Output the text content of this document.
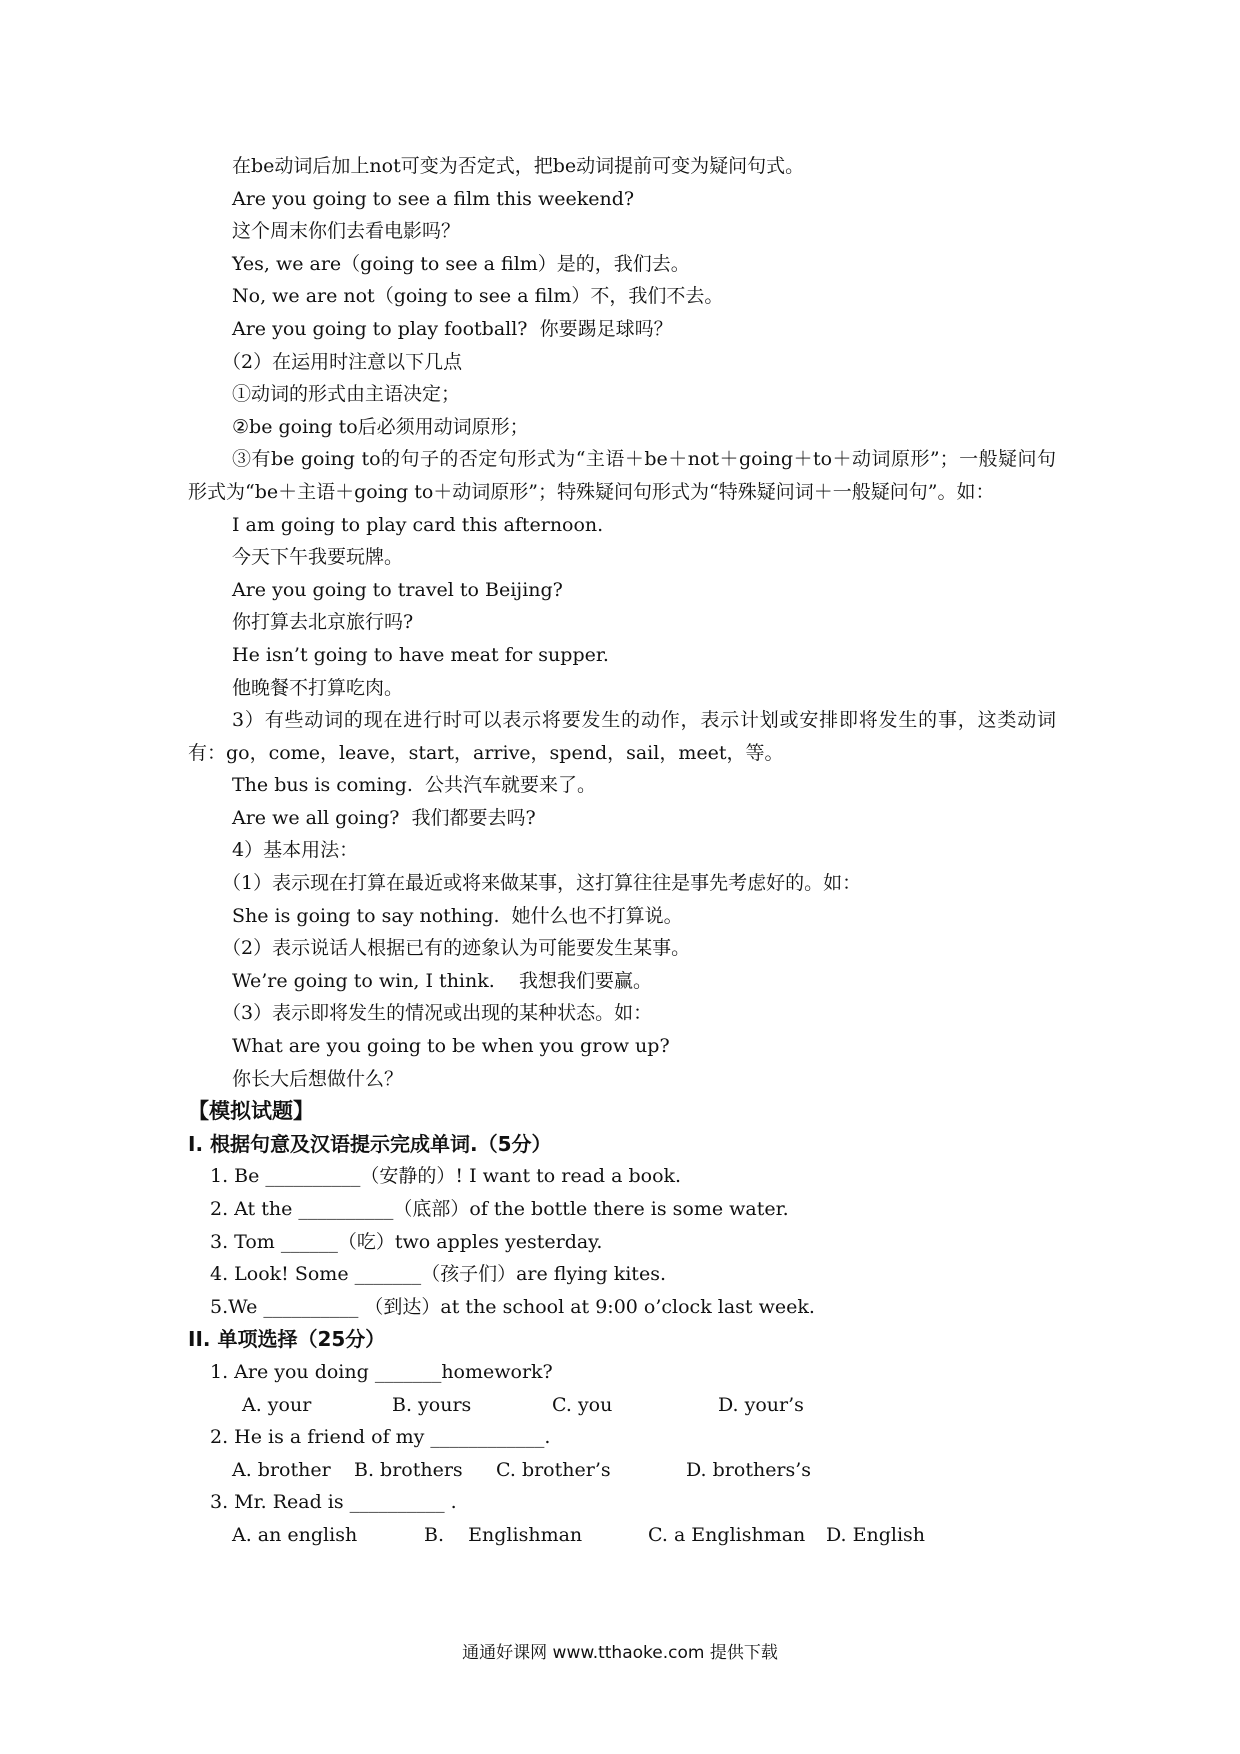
在be动词后加上not可变为否定式，把be动词提前可变为疑问句式。
Are you going to see a film this weekend?
这个周末你们去看电影吗？
Yes, we are（going to see a film）是的，我们去。
No, we are not（going to see a film）不，我们不去。
Are you going to play football?  你要踢足球吗？
（2）在运用时注意以下几点
①动词的形式由主语决定；
②be going to后必须用动词原形；
③有be going to的句子的否定句形式为“主语＋be＋not＋going＋to＋动词原形”；一般疑问句形式为“be＋主语＋going to＋动词原形”；特殊疑问句形式为“特殊疑问词＋一般疑问句”。如：
I am going to play card this afternoon.
今天下午我要玩牌。
Are you going to travel to Beijing?
你打算去北京旅行吗?
He isn’t going to have meat for supper.
他晚餐不打算吃肉。
3）有些动词的现在进行时可以表示将要发生的动作，表示计划或安排即将发生的事，这类动词有：go，come，leave，start，arrive，spend，sail，meet，等。
The bus is coming.  公共汽车就要来了。
Are we all going?  我们都要去吗?
4）基本用法：
（1）表示现在打算在最近或将来做某事，这打算往往是事先考虑好的。如：
She is going to say nothing.  她什么也不打算说。
（2）表示说话人根据已有的迹象认为可能要发生某事。
We’re going to win, I think.    我想我们要赢。
（3）表示即将发生的情况或出现的某种状态。如：
What are you going to be when you grow up?
你长大后想做什么？
【模拟试题】
I. 根据句意及汉语提示完成单词.（5分）
1. Be __________（安静的）! I want to read a book.
2. At the __________（底部）of the bottle there is some water.
3. Tom ______（吃）two apples yesterday.
4. Look! Some _______（孩子们）are flying kites.
5.We __________ （到达）at the school at 9:00 o’clock last week.
II. 单项选择（25分）
1. Are you doing _______homework?
A. your	B. yours	C. you	D. your’s
2. He is a friend of my ____________.
A. brother	B. brothers	C. brother’s	D. brothers’s
3. Mr. Read is __________ .
A. an english	B.    Englishman	C. a Englishman	D. English
通通好课网 www.tthaoke.com 提供下载
